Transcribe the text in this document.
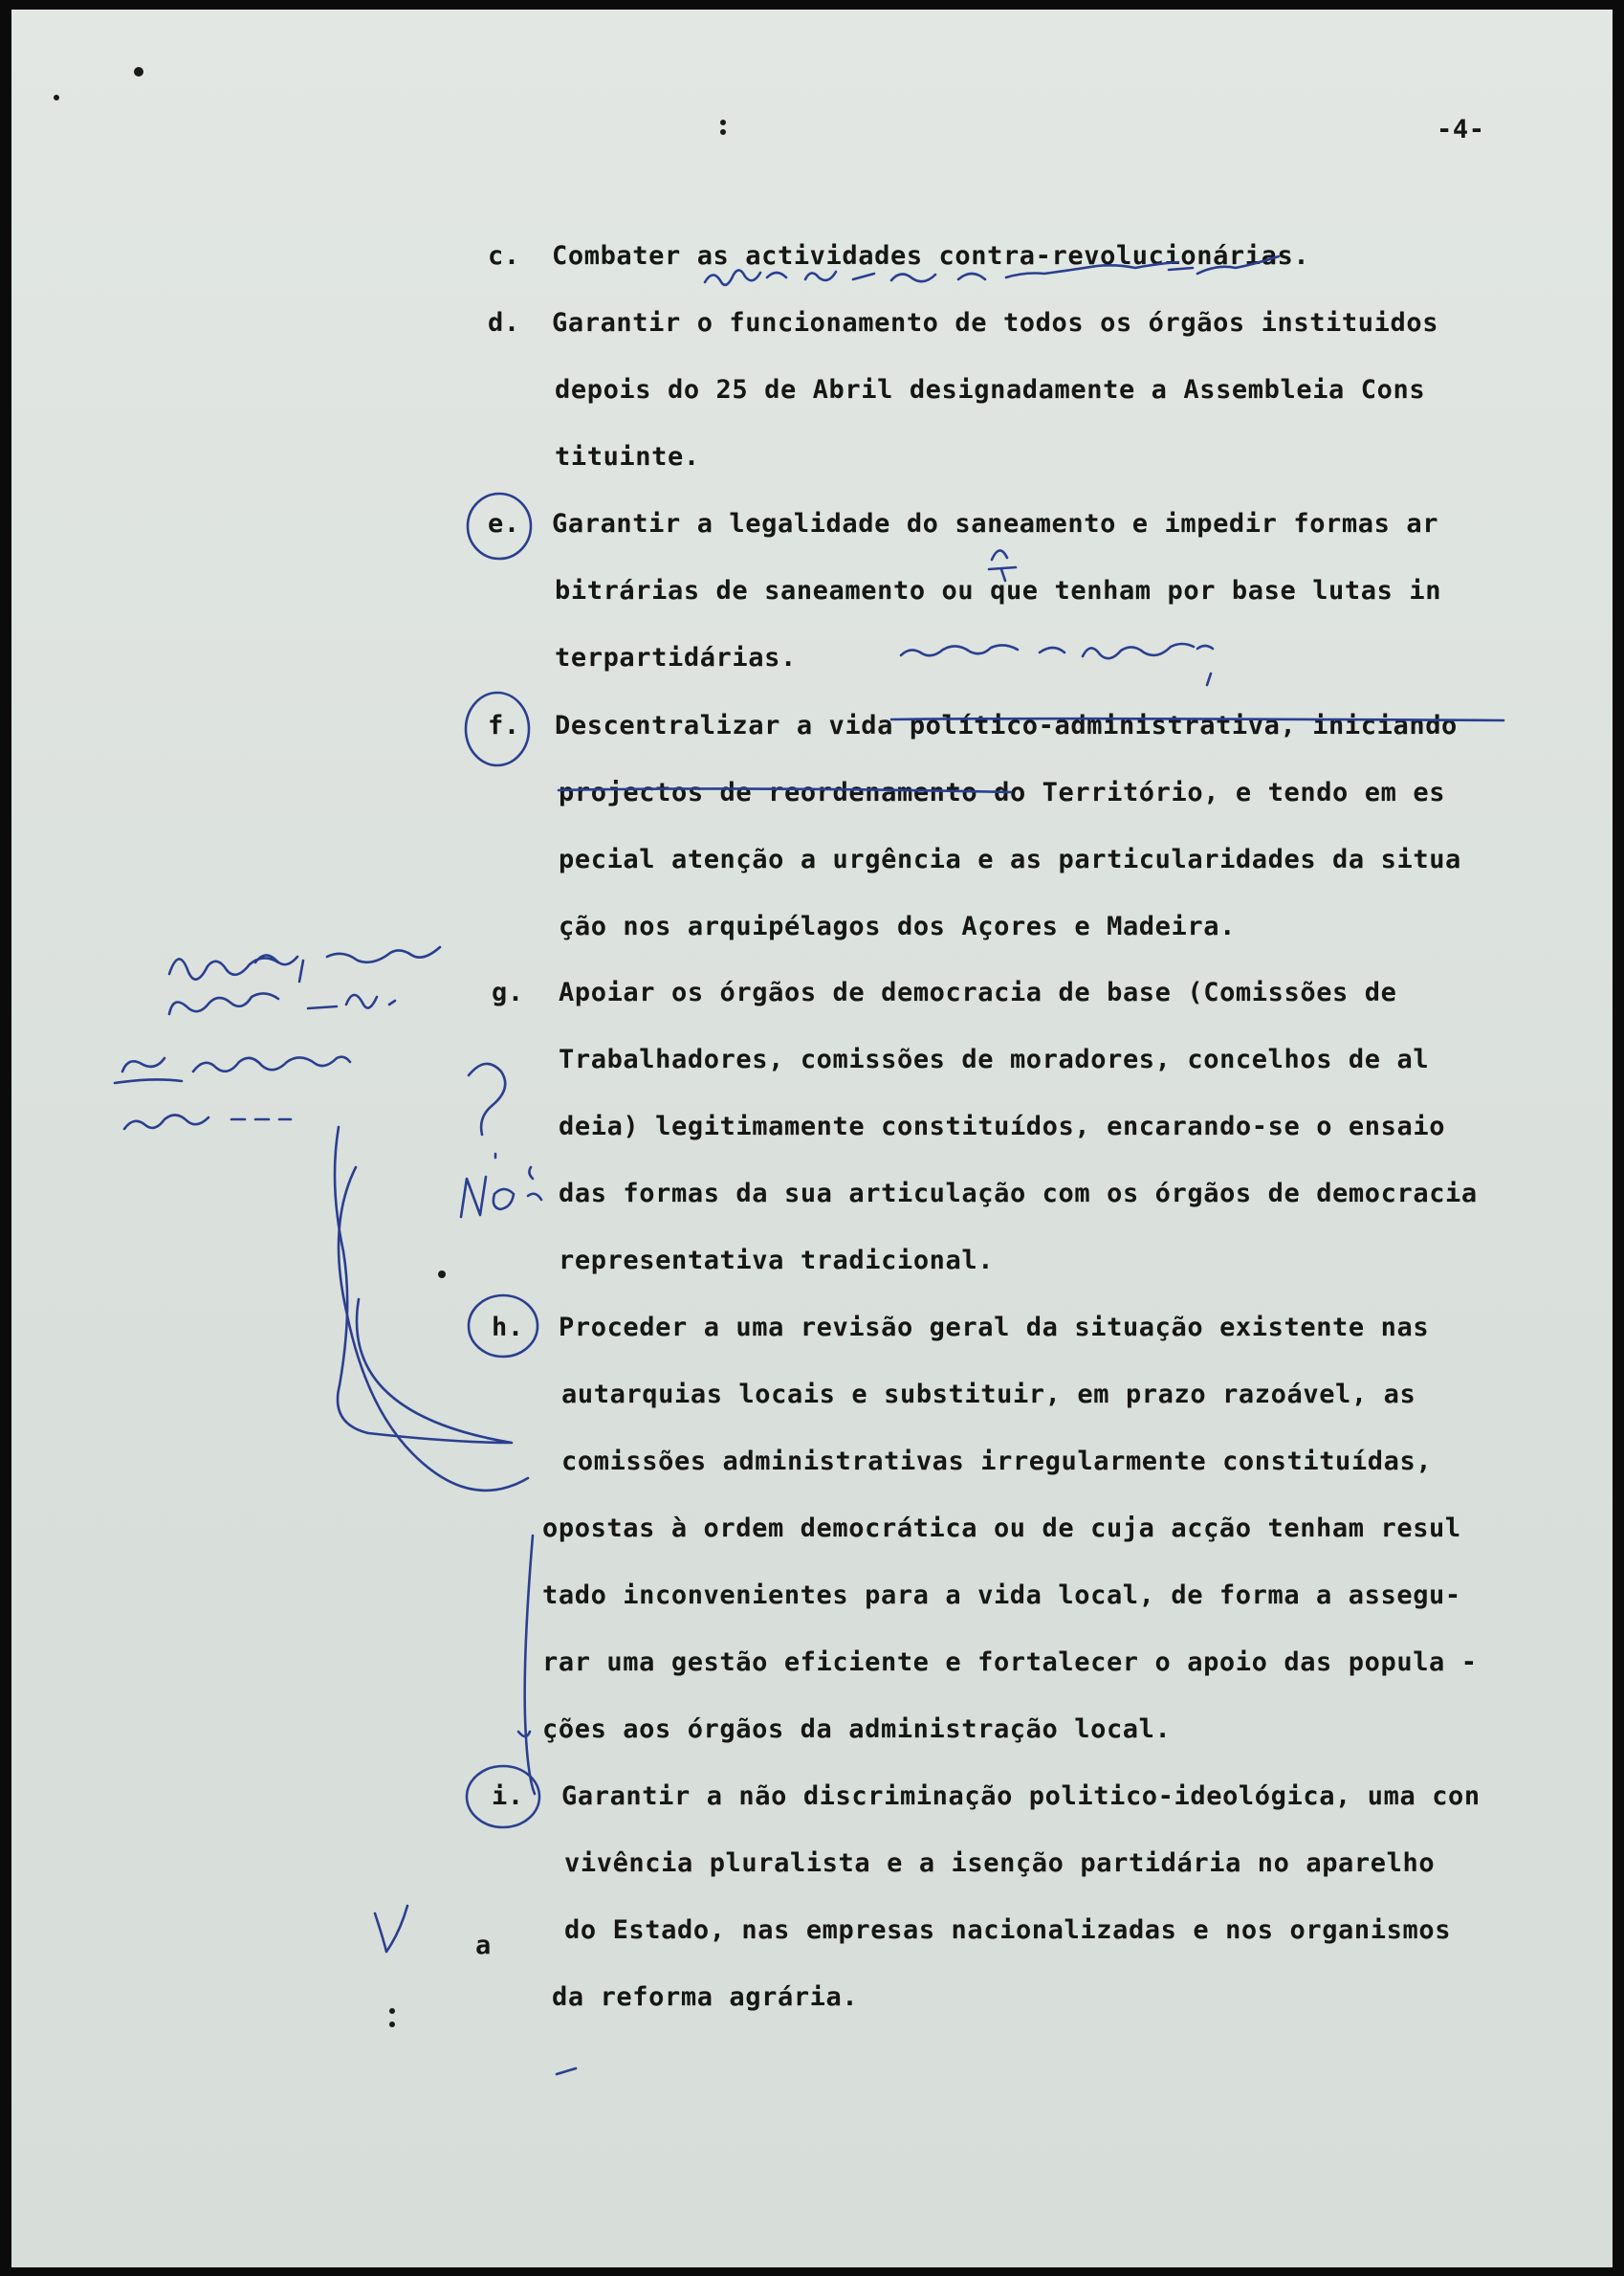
-4-
c. Combater as actividades contra-revolucionárias.
d. Garantir o funcionamento de todos os órgãos instituidos
depois do 25 de Abril designadamente a Assembleia Cons
tituinte.
e. Garantir a legalidade do saneamento e impedir formas ar
bitrárias de saneamento ou que tenham por base lutas in
terpartidárias.
f. Descentralizar a vida político-administrativa, iniciando
projectos de reordenamento do Território, e tendo em es
pecial atenção a urgência e as particularidades da situa
ção nos arquipélagos dos Açores e Madeira.
g. Apoiar os órgãos de democracia de base (Comissões de
Trabalhadores, comissões de moradores, concelhos de al
deia) legitimamente constituídos, encarando-se o ensaio
das formas da sua articulação com os órgãos de democracia
representativa tradicional.
h. Proceder a uma revisão geral da situação existente nas
autarquias locais e substituir, em prazo razoável, as
comissões administrativas irregularmente constituídas,
opostas à ordem democrática ou de cuja acção tenham resul
tado inconvenientes para a vida local, de forma a assegu-
rar uma gestão eficiente e fortalecer o apoio das popula -
ções aos órgãos da administração local.
i. Garantir a não discriminação politico-ideológica, uma con
vivência pluralista e a isenção partidária no aparelho
do Estado, nas empresas nacionalizadas e nos organismos
da reforma agrária.
a
